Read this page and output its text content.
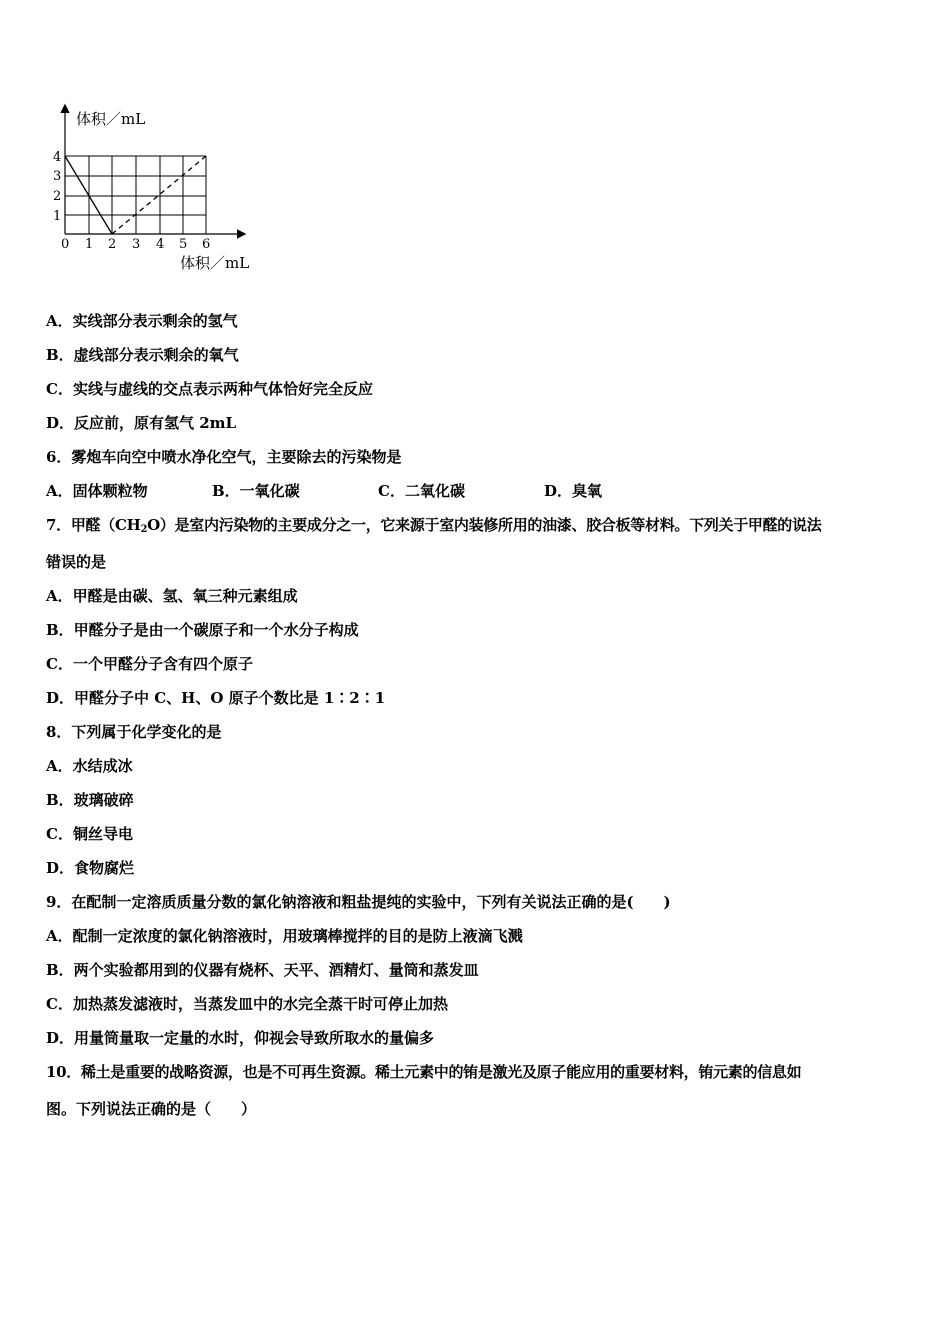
体积／mL
体积／mL
0 1 2 3 4 5 6
1
2
3
4
A．实线部分表示剩余的氢气
B．虚线部分表示剩余的氧气
C．实线与虚线的交点表示两种气体恰好完全反应
D．反应前，原有氢气 2mL
6．雾炮车向空中喷水净化空气，主要除去的污染物是
A．固体颗粒物	B．一氧化碳	C．二氧化碳	D．臭氧
7．甲醛$(CH_2O)$是室内污染物的主要成分之一，它来源于室内装修所用的油漆、胶合板等材料。下列关于甲醛的说法
错误的是
A．甲醛是由碳、氢、氧三种元素组成
B．甲醛分子是由一个碳原子和一个水分子构成
C．一个甲醛分子含有四个原子
D．甲醛分子中 C、H、O 原子个数比是 1∶2∶1
8．下列属于化学变化的是
A．水结成冰
B．玻璃破碎
C．铜丝导电
D．食物腐烂
9．在配制一定溶质质量分数的氯化钠溶液和粗盐提纯的实验中，下列有关说法正确的是(　　)
A．配制一定浓度的氯化钠溶液时，用玻璃棒搅拌的目的是防上液滴飞溅
B．两个实验都用到的仪器有烧杯、天平、酒精灯、量筒和蒸发皿
C．加热蒸发滤液时，当蒸发皿中的水完全蒸干时可停止加热
D．用量筒量取一定量的水时，仰视会导致所取水的量偏多
10．稀土是重要的战略资源，也是不可再生资源。稀土元素中的铕是激光及原子能应用的重要材料，铕元素的信息如
图。下列说法正确的是（　　）
